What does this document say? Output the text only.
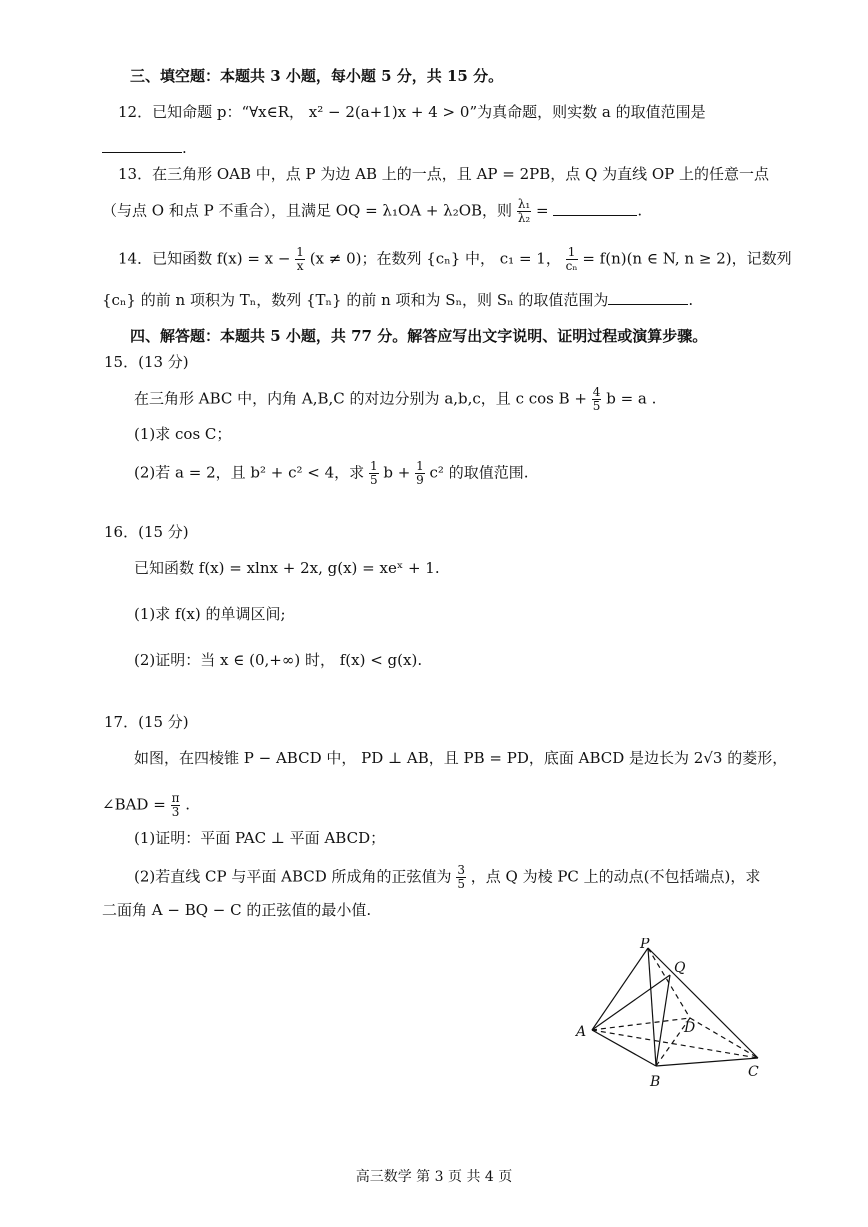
三、填空题：本题共 3 小题，每小题 5 分，共 15 分。
12．已知命题 p：“∀x∈R， x² − 2(a+1)x + 4 > 0”为真命题，则实数 a 的取值范围是
.
13．在三角形 OAB 中，点 P 为边 AB 上的一点，且 AP = 2PB，点 Q 为直线 OP 上的任意一点
（与点 O 和点 P 不重合），且满足 OQ = λ₁OA + λ₂OB，则 $\frac{\text{λ₁}}{\text{λ₂}}$ =	.
14．已知函数 $f(x) = x - \frac{1}{x} (x \ne 0)$；在数列 {cₙ} 中， c₁ = 1， $\frac{1}{\text{cₙ}} = f(n)(n$ ∈ N, n ≥ 2)，记数列
{cₙ} 的前 n 项积为 Tₙ，数列 {Tₙ} 的前 n 项和为 Sₙ，则 Sₙ 的取值范围为	.
四、解答题：本题共 5 小题，共 77 分。解答应写出文字说明、证明过程或演算步骤。
15．(13 分)
在三角形 ABC 中，内角 A,B,C 的对边分别为 a,b,c，且 c $\cos B + \frac{4}{5}$ b = a .
(1)求 cos C；
(2)若 a = 2，且 b² + c² < 4，求 $\frac{1}{5}$ $b + \frac{1}{9} c^2$ 的取值范围.
16．(15 分)
已知函数 f(x) = xlnx + 2x, g(x) = xeˣ + 1.
(1)求 f(x) 的单调区间;
(2)证明：当 x ∈ (0,+∞) 时， f(x) < g(x).
17．(15 分)
如图，在四棱锥 P − ABCD 中， PD ⊥ AB，且 PB = PD，底面 ABCD 是边长为 2√3 的菱形，
∠BAD = $\frac{\pi}{3}$ .
(1)证明：平面 PAC ⊥ 平面 ABCD；
(2)若直线 CP 与平面 ABCD 所成角的正弦值为 $\frac{3}{5}$ ，点 Q 为棱 PC 上的动点(不包括端点)，求
二面角 A − BQ − C 的正弦值的最小值.
P
Q
A
B
C
D
高三数学 第 3 页 共 4 页
